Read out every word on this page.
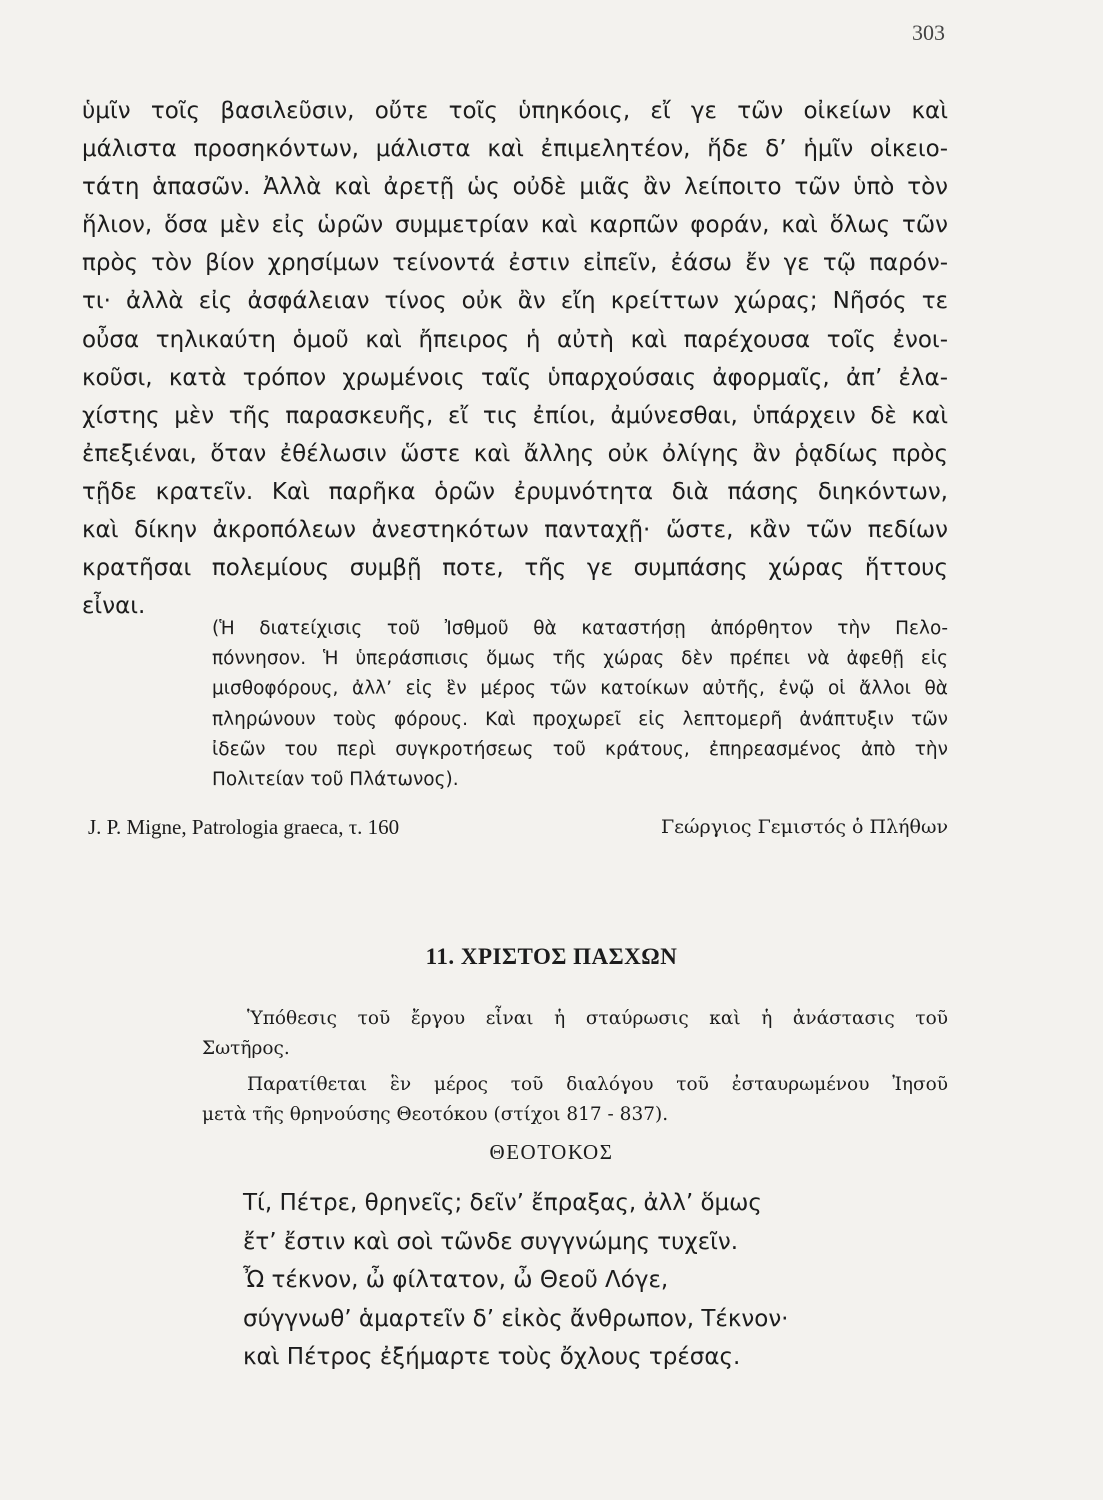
303
ὑμῖν τοῖς βασιλεῦσιν, οὔτε τοῖς ὑπηκόοις, εἴ γε τῶν οἰκείων καὶ
μάλιστα προσηκόντων, μάλιστα καὶ ἐπιμελητέον, ἥδε δ’ ἡμῖν οἰκειο-
τάτη ἁπασῶν. Ἀλλὰ καὶ ἀρετῇ ὡς οὐδὲ μιᾶς ἂν λείποιτο τῶν ὑπὸ τὸν
ἥλιον, ὅσα μὲν εἰς ὡρῶν συμμετρίαν καὶ καρπῶν φοράν, καὶ ὅλως τῶν
πρὸς τὸν βίον χρησίμων τείνοντά ἐστιν εἰπεῖν, ἐάσω ἔν γε τῷ παρόν-
τι· ἀλλὰ εἰς ἀσφάλειαν τίνος οὐκ ἂν εἴη κρείττων χώρας; Νῆσός τε
οὖσα τηλικαύτη ὁμοῦ καὶ ἤπειρος ἡ αὐτὴ καὶ παρέχουσα τοῖς ἐνοι-
κοῦσι, κατὰ τρόπον χρωμένοις ταῖς ὑπαρχούσαις ἀφορμαῖς, ἀπ’ ἐλα-
χίστης μὲν τῆς παρασκευῆς, εἴ τις ἐπίοι, ἀμύνεσθαι, ὑπάρχειν δὲ καὶ
ἐπεξιέναι, ὅταν ἐθέλωσιν ὥστε καὶ ἄλλης οὐκ ὀλίγης ἂν ῥᾳδίως πρὸς
τῇδε κρατεῖν. Καὶ παρῆκα ὁρῶν ἐρυμνότητα διὰ πάσης διηκόντων,
καὶ δίκην ἀκροπόλεων ἀνεστηκότων πανταχῇ· ὥστε, κἂν τῶν πεδίων
κρατῆσαι πολεμίους συμβῇ ποτε, τῆς γε συμπάσης χώρας ἥττους
εἶναι.
(Ἡ διατείχισις τοῦ Ἰσθμοῦ θὰ καταστήσῃ ἀπόρθητον τὴν Πελο-
πόννησον. Ἡ ὑπεράσπισις ὅμως τῆς χώρας δὲν πρέπει νὰ ἀφεθῇ εἰς
μισθοφόρους, ἀλλ’ εἰς ἓν μέρος τῶν κατοίκων αὐτῆς, ἐνῷ οἱ ἄλλοι θὰ
πληρώνουν τοὺς φόρους. Καὶ προχωρεῖ εἰς λεπτομερῆ ἀνάπτυξιν τῶν
ἰδεῶν του περὶ συγκροτήσεως τοῦ κράτους, ἐπηρεασμένος ἀπὸ τὴν
Πολιτείαν τοῦ Πλάτωνος).
J. P. Migne, Patrologia graeca, τ. 160	Γεώργιος Γεμιστός ὁ Πλήθων
11. ΧΡΙΣΤΟΣ ΠΑΣΧΩΝ

Ὑπόθεσις τοῦ ἔργου εἶναι ἡ σταύρωσις καὶ ἡ ἀνάστασις τοῦ
Σωτῆρος.

Παρατίθεται ἓν μέρος τοῦ διαλόγου τοῦ ἐσταυρωμένου Ἰησοῦ
μετὰ τῆς θρηνούσης Θεοτόκου (στίχοι 817 - 837).

ΘΕΟΤΟΚΟΣ
Τί, Πέτρε, θρηνεῖς; δεῖν’ ἔπραξας, ἀλλ’ ὅμως
ἔτ’ ἔστιν καὶ σοὶ τῶνδε συγγνώμης τυχεῖν.
Ὦ τέκνον, ὦ φίλτατον, ὦ Θεοῦ Λόγε,
σύγγνωθ’ ἁμαρτεῖν δ’ εἰκὸς ἄνθρωπον, Τέκνον·
καὶ Πέτρος ἐξήμαρτε τοὺς ὄχλους τρέσας.
